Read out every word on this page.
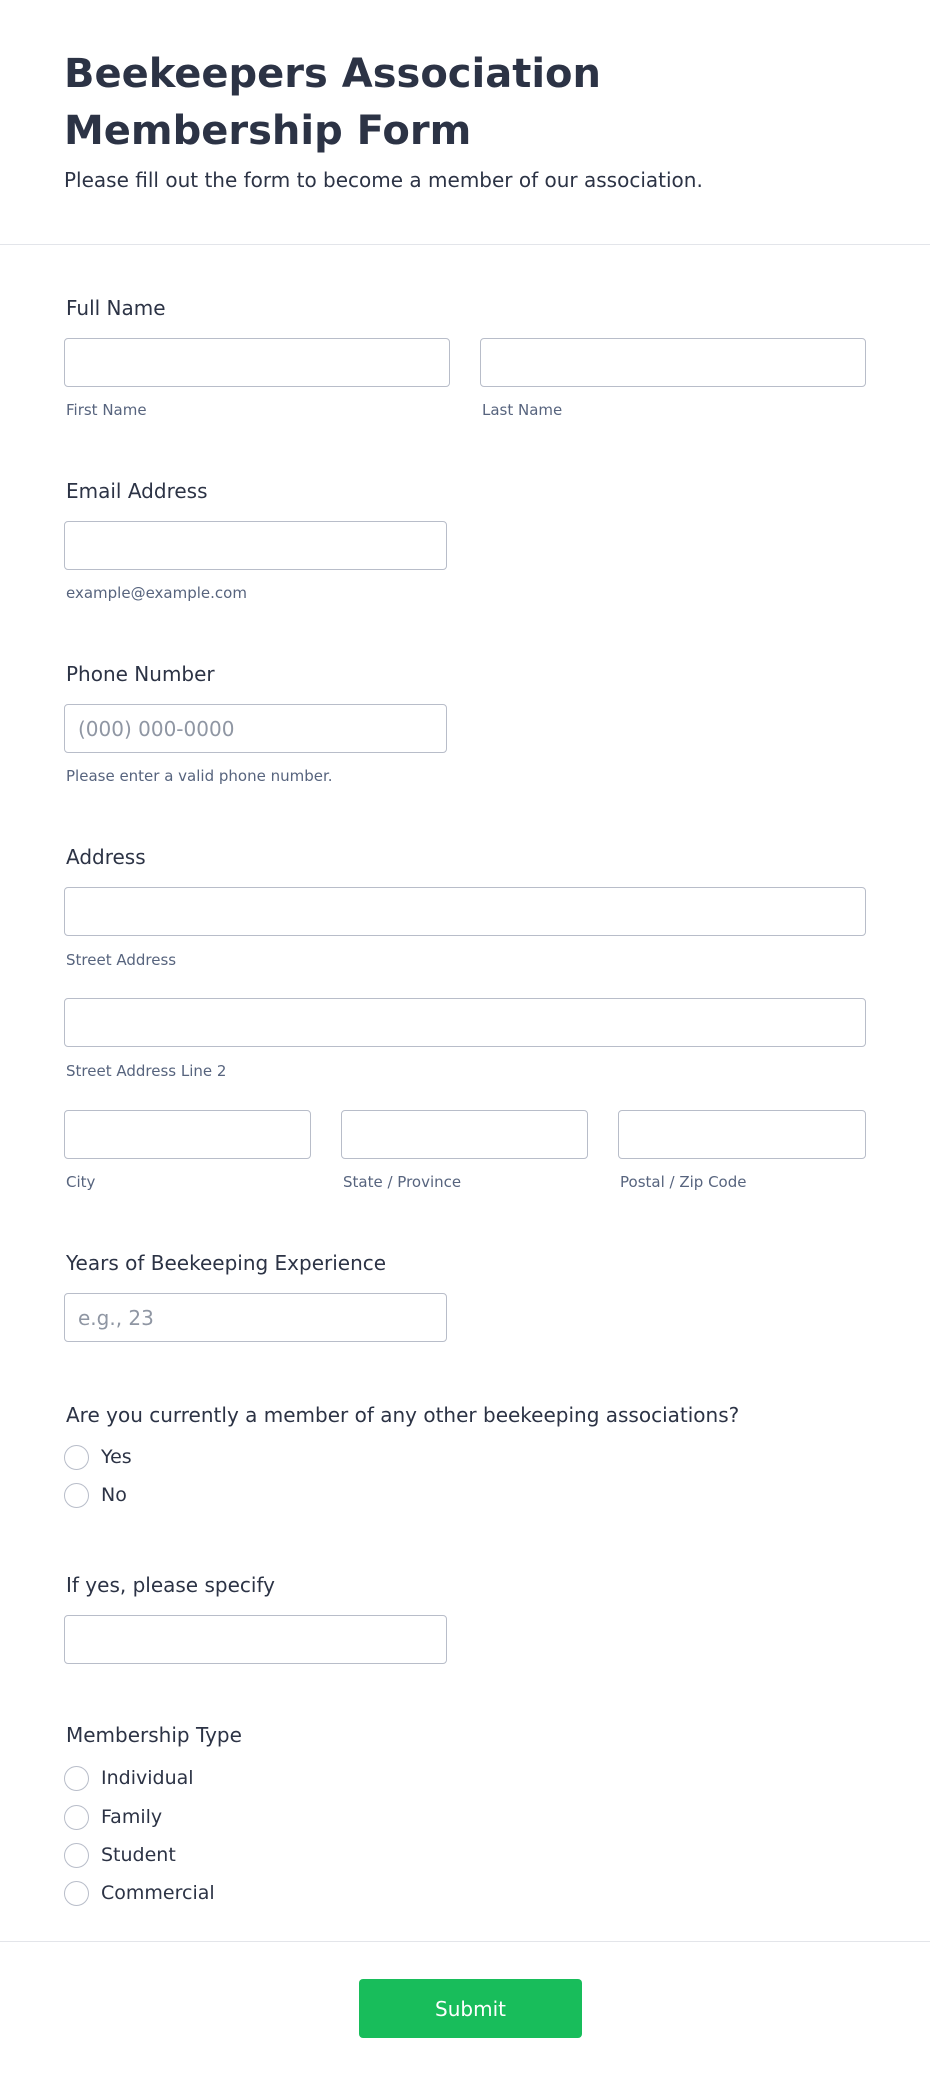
Beekeepers Association Membership Form

Please fill out the form to become a member of our association.

Full Name
First Name	Last Name
Email Address
example@example.com
Phone Number
(000) 000-0000
Please enter a valid phone number.
Address
Street Address
Street Address Line 2
City	State / Province	Postal / Zip Code
Years of Beekeeping Experience
e.g., 23
Are you currently a member of any other beekeeping associations?
Yes
No
If yes, please specify
Membership Type
Individual
Family
Student
Commercial
Submit
